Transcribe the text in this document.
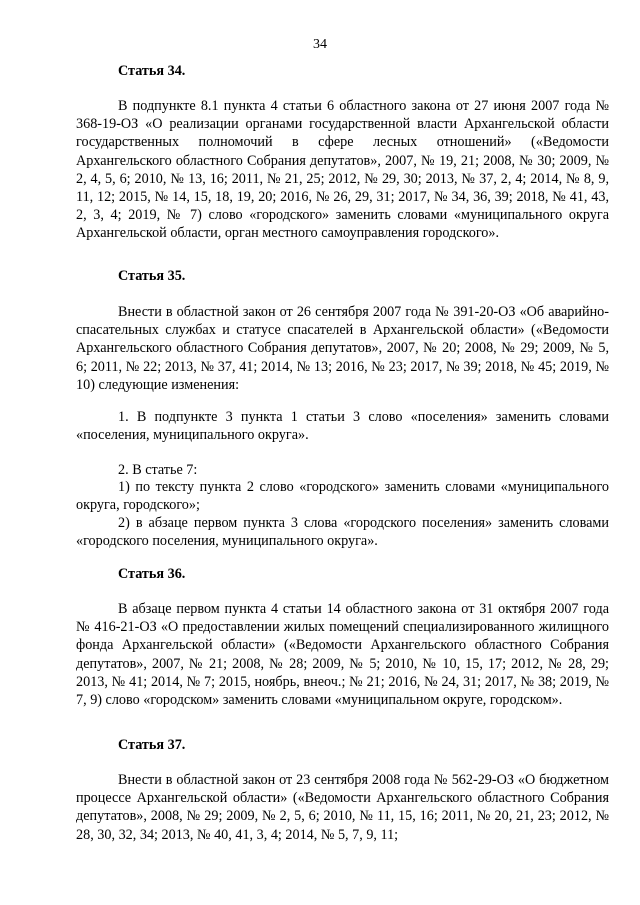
34
Статья 34.

В подпункте 8.1 пункта 4 статьи 6 областного закона от 27 июня 2007 года № 368-19-ОЗ «О реализации органами государственной власти Архангельской области государственных полномочий в сфере лесных отношений» («Ведомости Архангельского областного Собрания депутатов», 2007, № 19, 21; 2008, № 30; 2009, № 2, 4, 5, 6; 2010, № 13, 16; 2011, № 21, 25; 2012, № 29, 30; 2013, № 37, 2, 4; 2014, № 8, 9, 11, 12; 2015, № 14, 15, 18, 19, 20; 2016, № 26, 29, 31; 2017, № 34, 36, 39; 2018, № 41, 43, 2, 3, 4; 2019, № 7) слово «городского» заменить словами «муниципального округа Архангельской области, орган местного самоуправления городского».

Статья 35.

Внести в областной закон от 26 сентября 2007 года № 391-20-ОЗ «Об аварийно-спасательных службах и статусе спасателей в Архангельской области» («Ведомости Архангельского областного Собрания депутатов», 2007, № 20; 2008, № 29; 2009, № 5, 6; 2011, № 22; 2013, № 37, 41; 2014, № 13; 2016, № 23; 2017, № 39; 2018, № 45; 2019, № 10) следующие изменения:

1. В подпункте 3 пункта 1 статьи 3 слово «поселения» заменить словами «поселения, муниципального округа».

2. В статье 7:

1) по тексту пункта 2 слово «городского» заменить словами «муниципального округа, городского»;

2) в абзаце первом пункта 3 слова «городского поселения» заменить словами «городского поселения, муниципального округа».

Статья 36.

В абзаце первом пункта 4 статьи 14 областного закона от 31 октября 2007 года № 416-21-ОЗ «О предоставлении жилых помещений специализированного жилищного фонда Архангельской области» («Ведомости Архангельского областного Собрания депутатов», 2007, № 21; 2008, № 28; 2009, № 5; 2010, № 10, 15, 17; 2012, № 28, 29; 2013, № 41; 2014, № 7; 2015, ноябрь, внеоч.; № 21; 2016, № 24, 31; 2017, № 38; 2019, № 7, 9) слово «городском» заменить словами «муниципальном округе, городском».

Статья 37.

Внести в областной закон от 23 сентября 2008 года № 562-29-ОЗ «О бюджетном процессе Архангельской области» («Ведомости Архангельского областного Собрания депутатов», 2008, № 29; 2009, № 2, 5, 6; 2010, № 11, 15, 16; 2011, № 20, 21, 23; 2012, № 28, 30, 32, 34; 2013, № 40, 41, 3, 4; 2014, № 5, 7, 9, 11;
